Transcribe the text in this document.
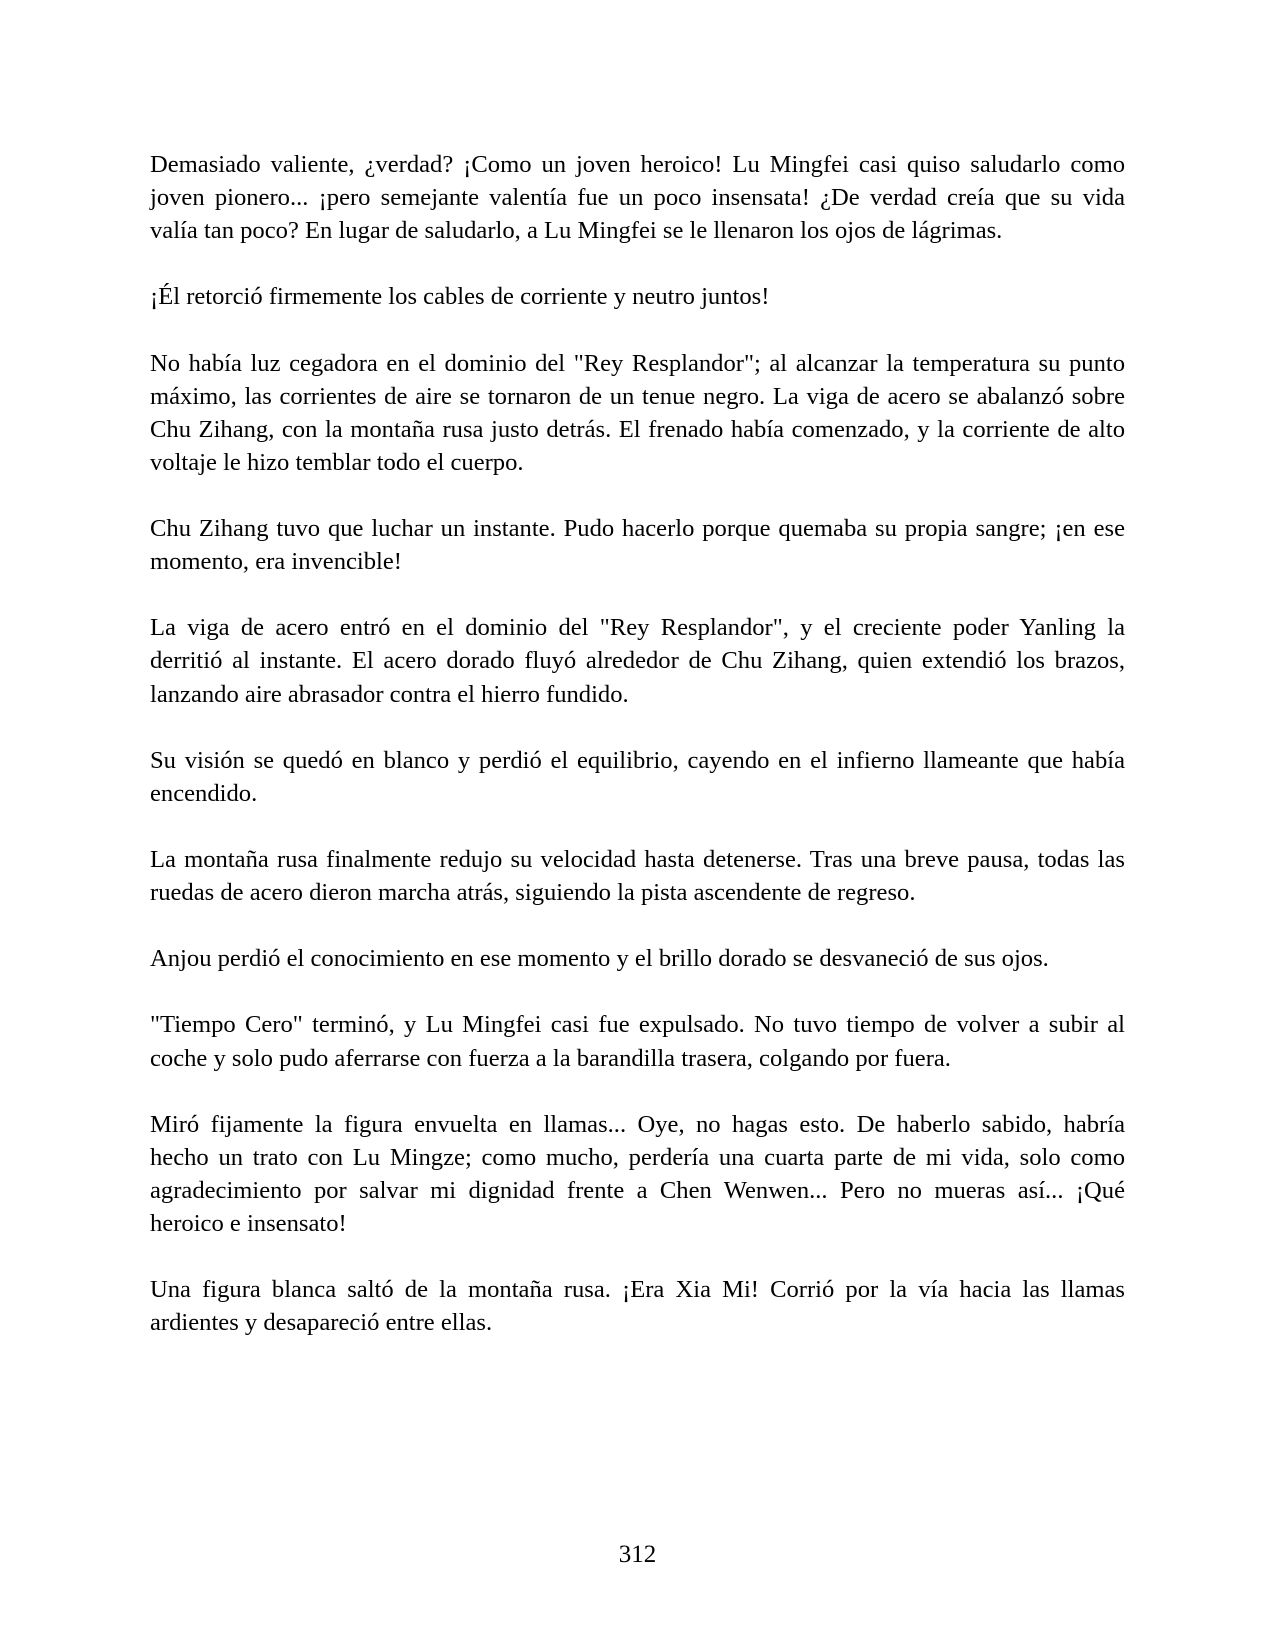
Demasiado valiente, ¿verdad? ¡Como un joven heroico! Lu Mingfei casi quiso saludarlo como
joven pionero... ¡pero semejante valentía fue un poco insensata! ¿De verdad creía que su vida
valía tan poco? En lugar de saludarlo, a Lu Mingfei se le llenaron los ojos de lágrimas.

¡Él retorció firmemente los cables de corriente y neutro juntos!

No había luz cegadora en el dominio del "Rey Resplandor"; al alcanzar la temperatura su punto
máximo, las corrientes de aire se tornaron de un tenue negro. La viga de acero se abalanzó sobre
Chu Zihang, con la montaña rusa justo detrás. El frenado había comenzado, y la corriente de alto
voltaje le hizo temblar todo el cuerpo.

Chu Zihang tuvo que luchar un instante. Pudo hacerlo porque quemaba su propia sangre; ¡en ese
momento, era invencible!

La viga de acero entró en el dominio del "Rey Resplandor", y el creciente poder Yanling la
derritió al instante. El acero dorado fluyó alrededor de Chu Zihang, quien extendió los brazos,
lanzando aire abrasador contra el hierro fundido.

Su visión se quedó en blanco y perdió el equilibrio, cayendo en el infierno llameante que había
encendido.

La montaña rusa finalmente redujo su velocidad hasta detenerse. Tras una breve pausa, todas las
ruedas de acero dieron marcha atrás, siguiendo la pista ascendente de regreso.

Anjou perdió el conocimiento en ese momento y el brillo dorado se desvaneció de sus ojos.

"Tiempo Cero" terminó, y Lu Mingfei casi fue expulsado. No tuvo tiempo de volver a subir al
coche y solo pudo aferrarse con fuerza a la barandilla trasera, colgando por fuera.

Miró fijamente la figura envuelta en llamas... Oye, no hagas esto. De haberlo sabido, habría
hecho un trato con Lu Mingze; como mucho, perdería una cuarta parte de mi vida, solo como
agradecimiento por salvar mi dignidad frente a Chen Wenwen... Pero no mueras así... ¡Qué
heroico e insensato!

Una figura blanca saltó de la montaña rusa. ¡Era Xia Mi! Corrió por la vía hacia las llamas
ardientes y desapareció entre ellas.

312
